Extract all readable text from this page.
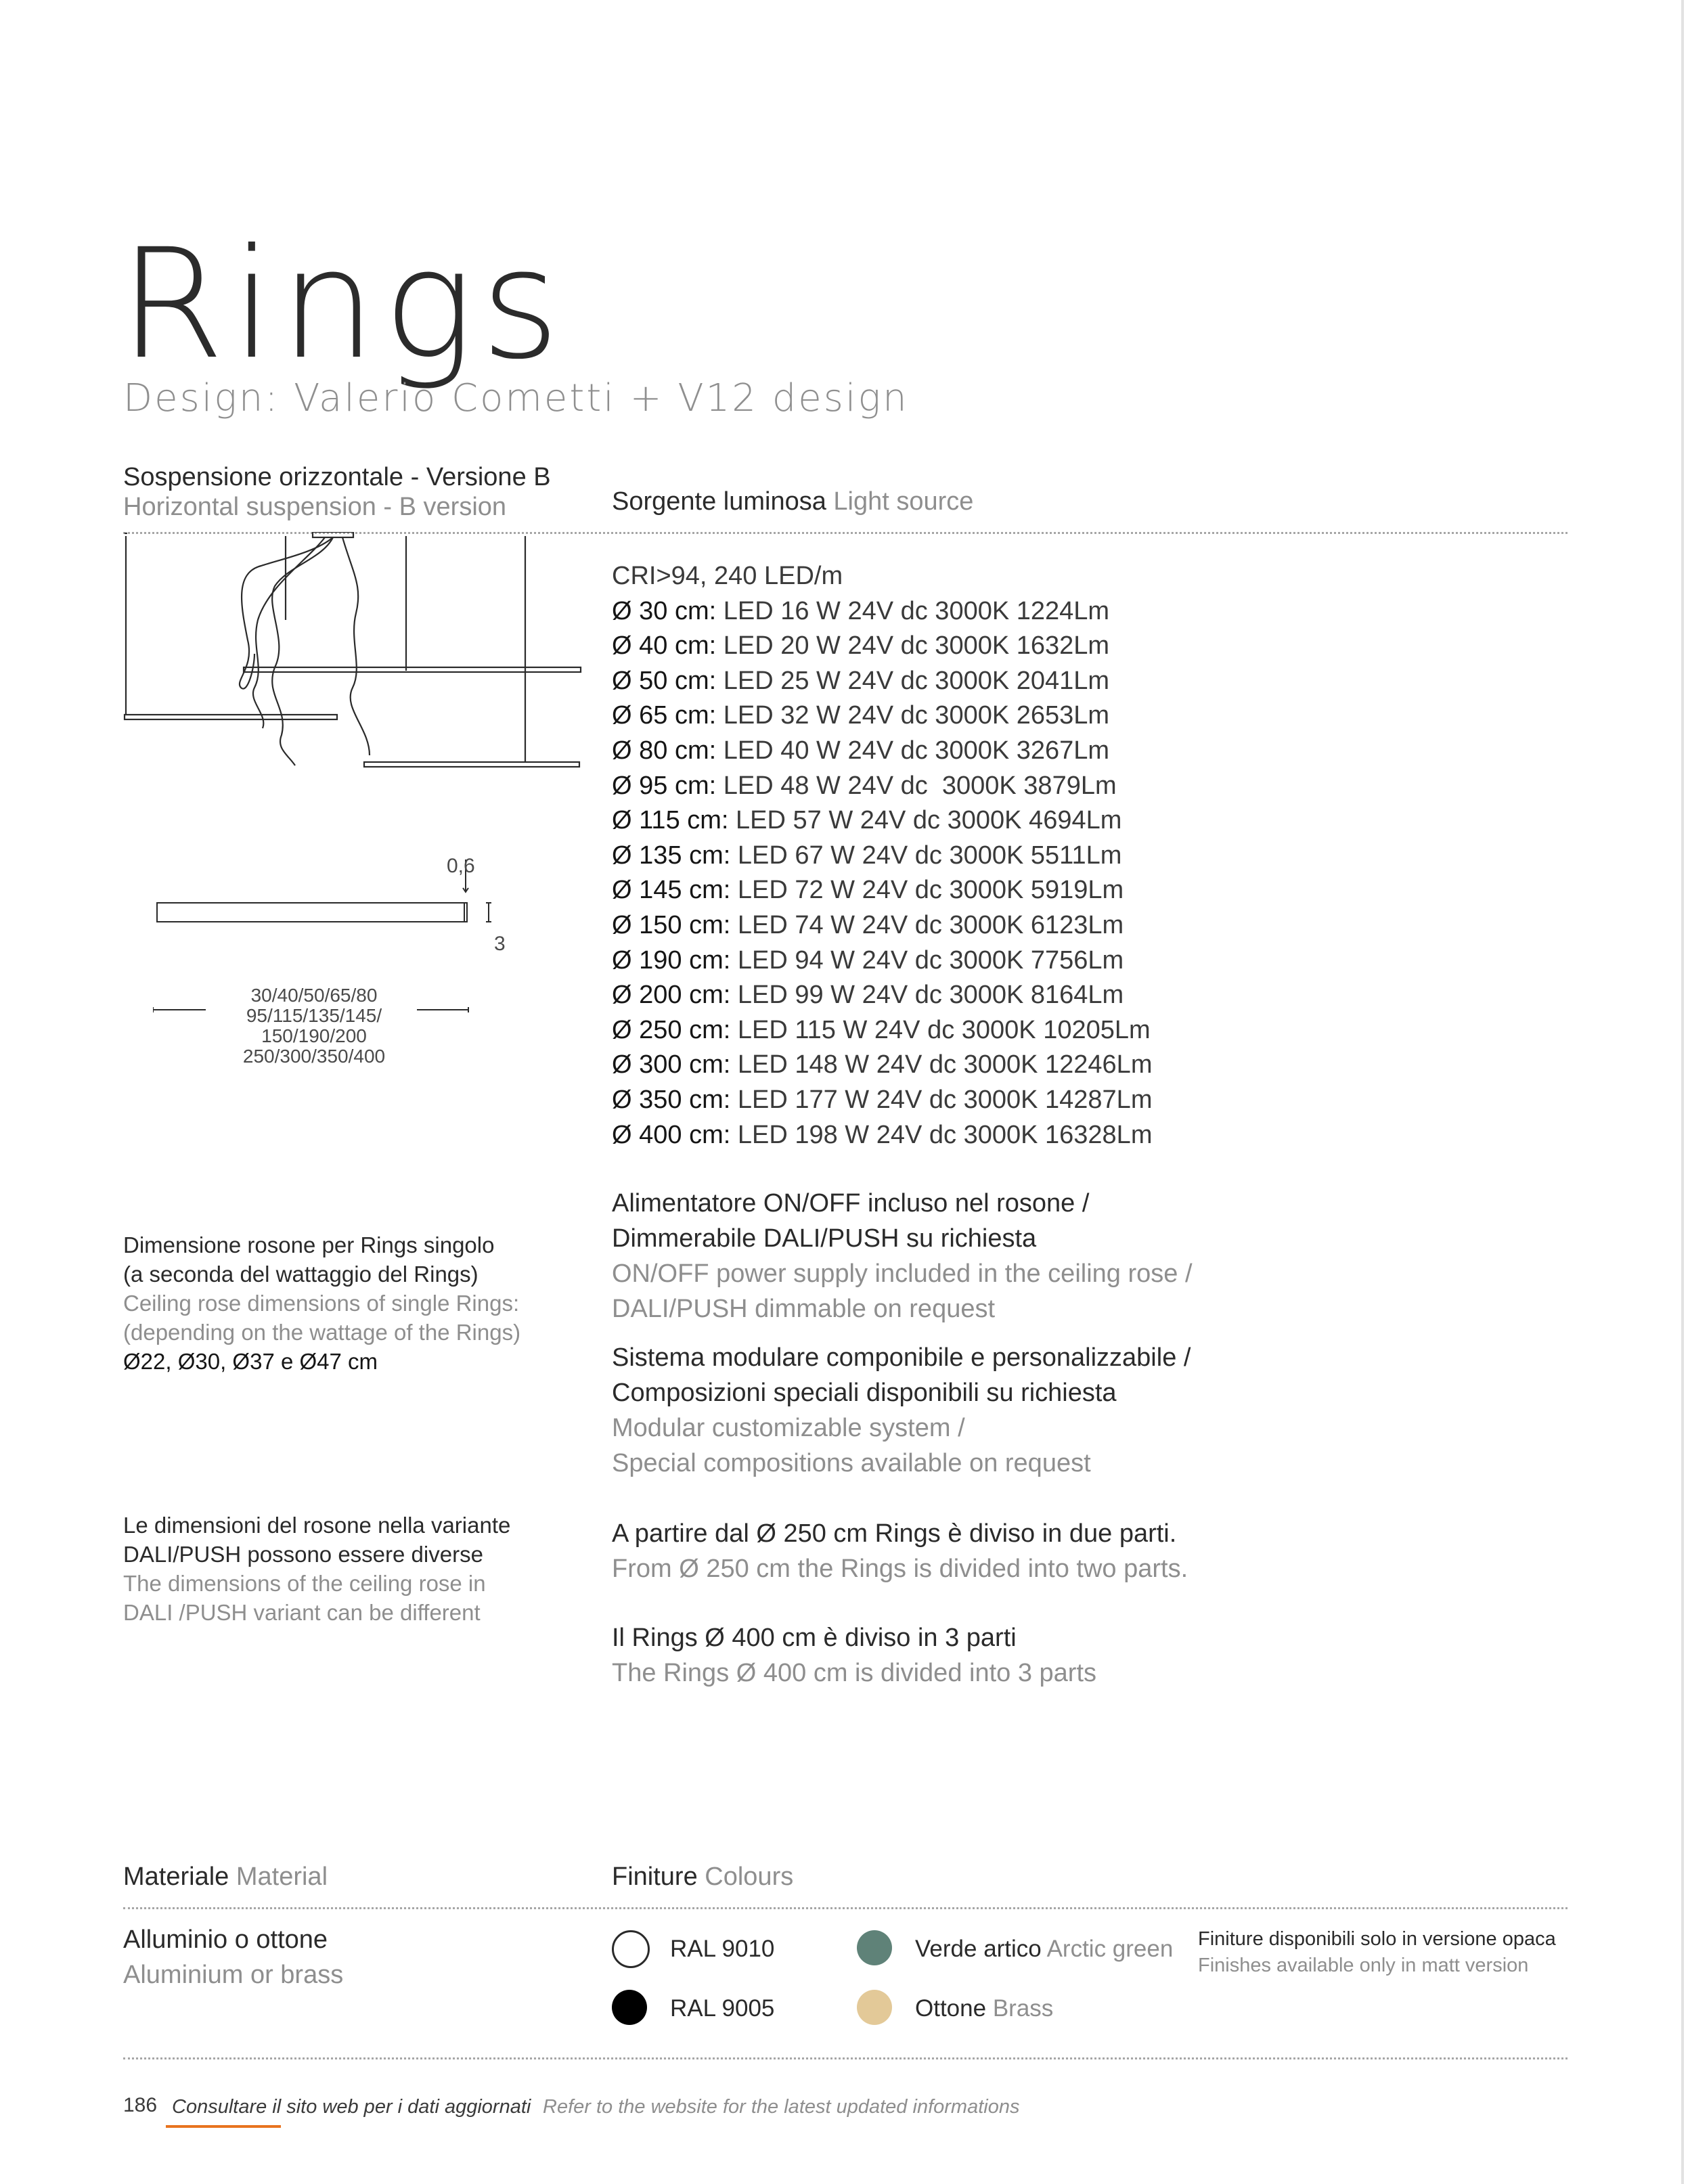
Rings
Design: Valerio Cometti + V12 design
Sospensione orizzontale - Versione B
Horizontal suspension - B version	Sorgente luminosa Light source
0,6
3
30/40/50/65/80
95/115/135/145/
150/190/200
250/300/350/400
CRI>94, 240 LED/m
Ø 30 cm: LED 16 W 24V dc 3000K 1224Lm
Ø 40 cm: LED 20 W 24V dc 3000K 1632Lm
Ø 50 cm: LED 25 W 24V dc 3000K 2041Lm
Ø 65 cm: LED 32 W 24V dc 3000K 2653Lm
Ø 80 cm: LED 40 W 24V dc 3000K 3267Lm
Ø 95 cm: LED 48 W 24V dc  3000K 3879Lm
Ø 115 cm: LED 57 W 24V dc 3000K 4694Lm
Ø 135 cm: LED 67 W 24V dc 3000K 5511Lm
Ø 145 cm: LED 72 W 24V dc 3000K 5919Lm
Ø 150 cm: LED 74 W 24V dc 3000K 6123Lm
Ø 190 cm: LED 94 W 24V dc 3000K 7756Lm
Ø 200 cm: LED 99 W 24V dc 3000K 8164Lm
Ø 250 cm: LED 115 W 24V dc 3000K 10205Lm
Ø 300 cm: LED 148 W 24V dc 3000K 12246Lm
Ø 350 cm: LED 177 W 24V dc 3000K 14287Lm
Ø 400 cm: LED 198 W 24V dc 3000K 16328Lm
Alimentatore ON/OFF incluso nel rosone /
Dimmerabile DALI/PUSH su richiesta
ON/OFF power supply included in the ceiling rose /
DALI/PUSH dimmable on request
Sistema modulare componibile e personalizzabile /
Composizioni speciali disponibili su richiesta
Modular customizable system /
Special compositions available on request
A partire dal Ø 250 cm Rings è diviso in due parti.
From Ø 250 cm the Rings is divided into two parts.
Il Rings Ø 400 cm è diviso in 3 parti
The Rings Ø 400 cm is divided into 3 parts
Dimensione rosone per Rings singolo
(a seconda del wattaggio del Rings)
Ceiling rose dimensions of single Rings:
(depending on the wattage of the Rings)
Ø22, Ø30, Ø37 e Ø47 cm
Le dimensioni del rosone nella variante
DALI/PUSH possono essere diverse
The dimensions of the ceiling rose in
DALI /PUSH variant can be different
Materiale Material	Finiture Colours
Alluminio o ottone
Aluminium or brass
RAL 9010
RAL 9005
Verde artico Arctic green
Ottone Brass
Finiture disponibili solo in versione opaca
Finishes available only in matt version
186 Consultare il sito web per i dati aggiornati Refer to the website for the latest updated informations
